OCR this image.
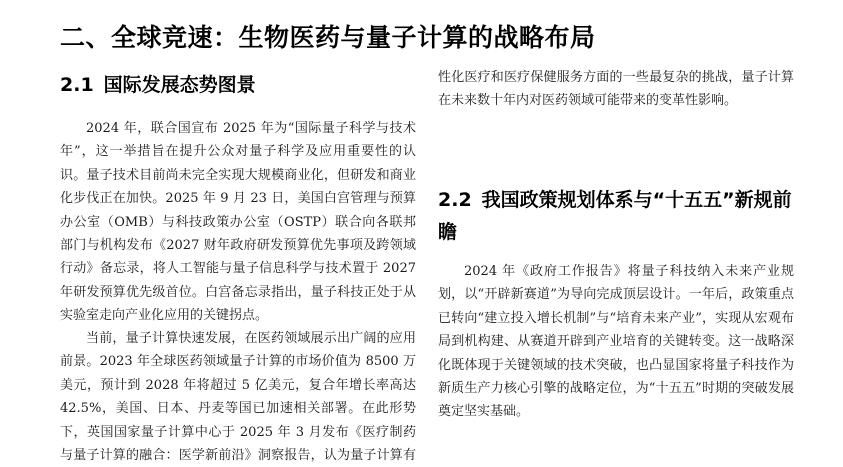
二、全球竞速：生物医药与量子计算的战略布局
2.1 国际发展态势图景

2024 年，联合国宣布 2025 年为“国际量子科学与技术年”，这一举措旨在提升公众对量子科学及应用重要性的认识。量子技术目前尚未完全实现大规模商业化，但研发和商业化步伐正在加快。2025 年 9 月 23 日，美国白宫管理与预算办公室（OMB）与科技政策办公室（OSTP）联合向各联邦部门与机构发布《2027 财年政府研发预算优先事项及跨领域行动》备忘录，将人工智能与量子信息科学与技术置于 2027 年研发预算优先级首位。白宫备忘录指出，量子科技正处于从实验室走向产业化应用的关键拐点。

当前，量子计算快速发展，在医药领域展示出广阔的应用前景。2023 年全球医药领域量子计算的市场价值为 8500 万美元，预计到 2028 年将超过 5 亿美元，复合年增长率高达 42.5%，美国、日本、丹麦等国已加速相关部署。在此形势下，英国国家量子计算中心于 2025 年 3 月发布《医疗制药与量子计算的融合：医学新前沿》洞察报告，认为量子计算有

性化医疗和医疗保健服务方面的一些最复杂的挑战，量子计算在未来数十年内对医药领域可能带来的变革性影响。

2.2 我国政策规划体系与“十五五”新规前瞻

2024 年《政府工作报告》将量子科技纳入未来产业规划，以“开辟新赛道”为导向完成顶层设计。一年后，政策重点已转向“建立投入增长机制”与“培育未来产业”，实现从宏观布局到机构建、从赛道开辟到产业培育的关键转变。这一战略深化既体现于关键领域的技术突破，也凸显国家将量子科技作为新质生产力核心引擎的战略定位，为“十五五”时期的突破发展奠定坚实基础。
